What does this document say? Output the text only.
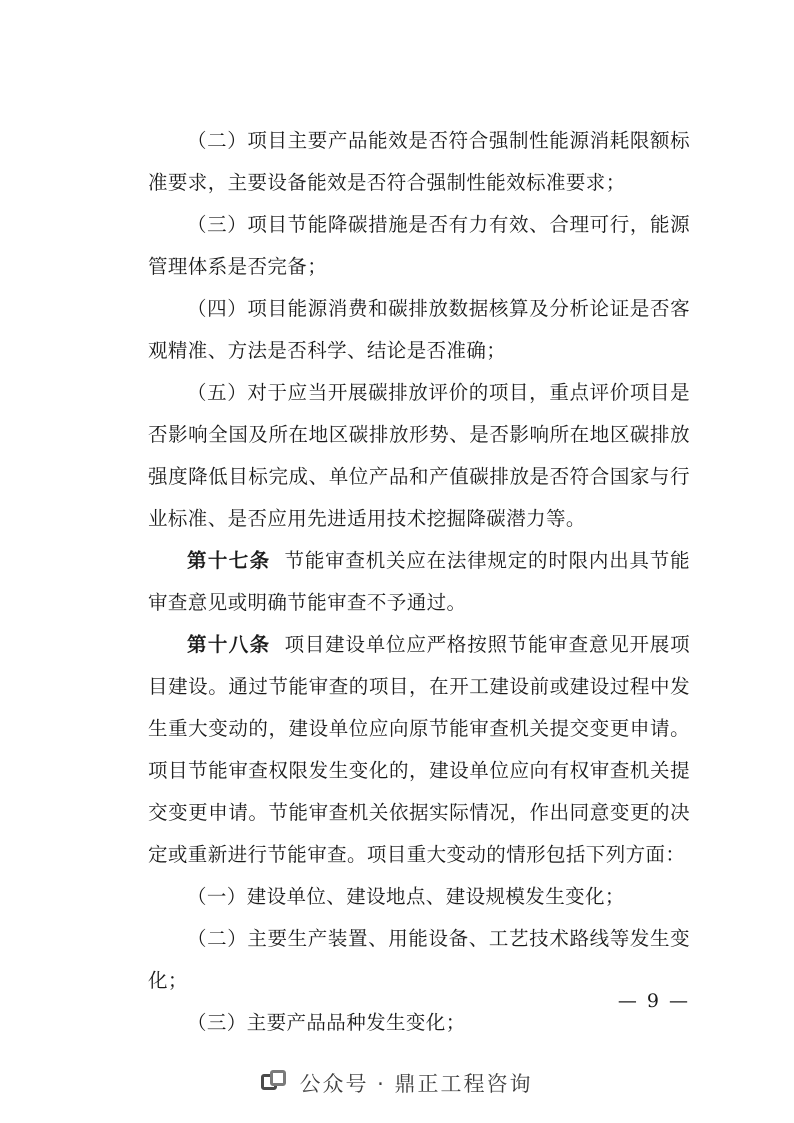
（二）项目主要产品能效是否符合强制性能源消耗限额标准要求，主要设备能效是否符合强制性能效标准要求；

（三）项目节能降碳措施是否有力有效、合理可行，能源管理体系是否完备；

（四）项目能源消费和碳排放数据核算及分析论证是否客观精准、方法是否科学、结论是否准确；

（五）对于应当开展碳排放评价的项目，重点评价项目是否影响全国及所在地区碳排放形势、是否影响所在地区碳排放强度降低目标完成、单位产品和产值碳排放是否符合国家与行业标准、是否应用先进适用技术挖掘降碳潜力等。

第十七条 节能审查机关应在法律规定的时限内出具节能审查意见或明确节能审查不予通过。

第十八条 项目建设单位应严格按照节能审查意见开展项目建设。通过节能审查的项目，在开工建设前或建设过程中发生重大变动的，建设单位应向原节能审查机关提交变更申请。项目节能审查权限发生变化的，建设单位应向有权审查机关提交变更申请。节能审查机关依据实际情况，作出同意变更的决定或重新进行节能审查。项目重大变动的情形包括下列方面：

（一）建设单位、建设地点、建设规模发生变化；

（二）主要生产装置、用能设备、工艺技术路线等发生变化；

（三）主要产品品种发生变化；

— 9 —
公众号 · 鼎正工程咨询
